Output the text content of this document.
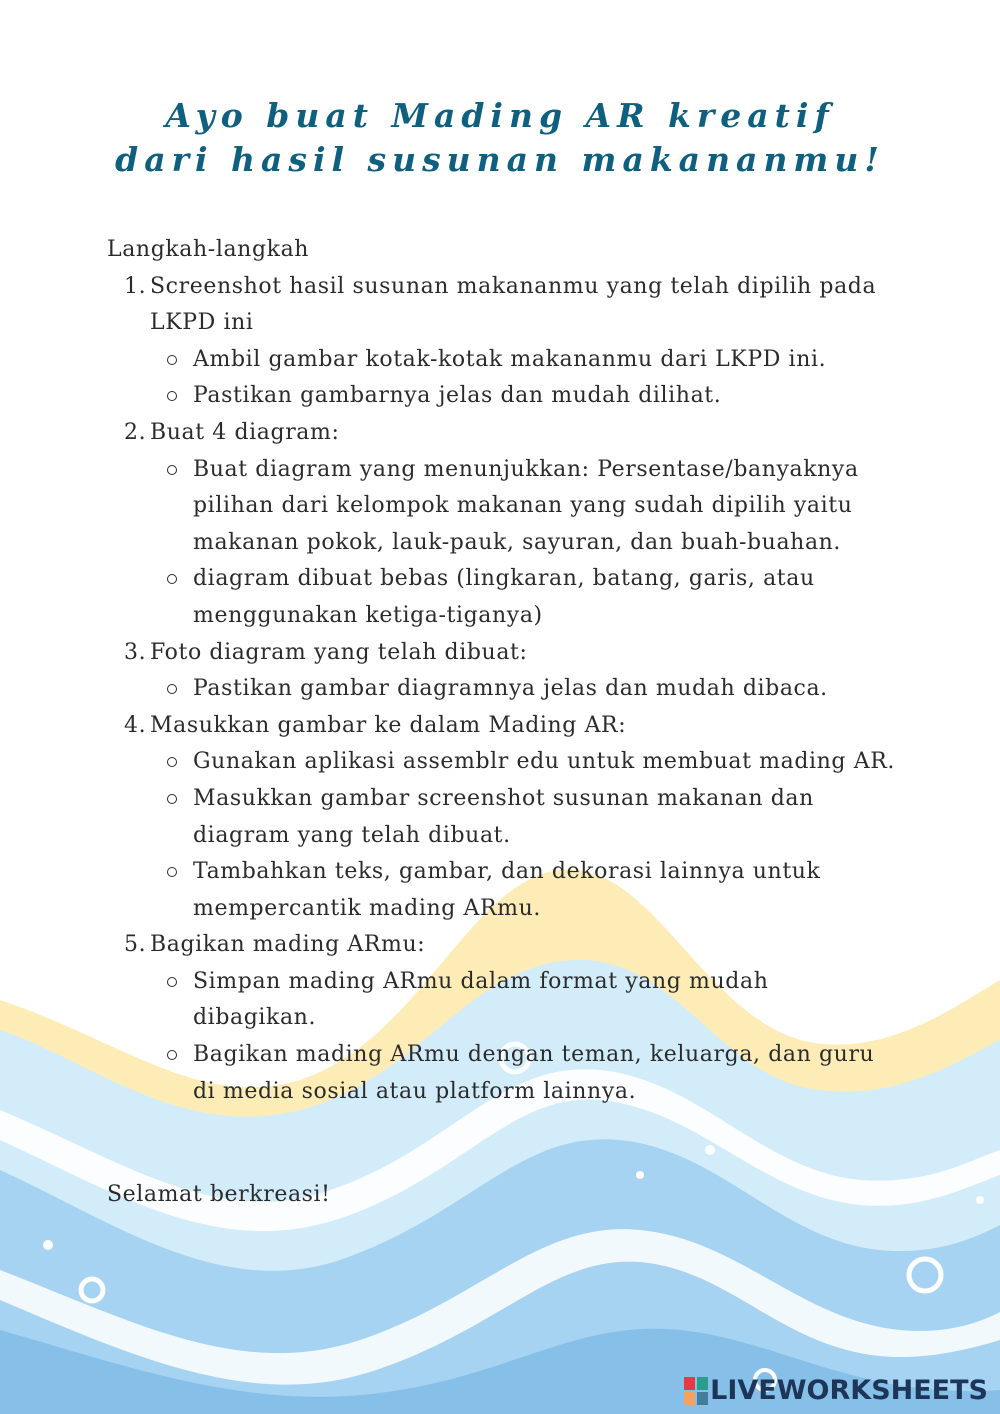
Ayo buat Mading AR kreatif
dari hasil susunan makananmu!
Langkah-langkah
1. Screenshot hasil susunan makananmu yang telah dipilih pada LKPD ini
Ambil gambar kotak-kotak makananmu dari LKPD ini.
Pastikan gambarnya jelas dan mudah dilihat.
2. Buat 4 diagram:
Buat diagram yang menunjukkan: Persentase/banyaknya pilihan dari kelompok makanan yang sudah dipilih yaitu makanan pokok, lauk-pauk, sayuran, dan buah-buahan.
diagram dibuat bebas (lingkaran, batang, garis, atau menggunakan ketiga-tiganya)
3. Foto diagram yang telah dibuat:
Pastikan gambar diagramnya jelas dan mudah dibaca.
4. Masukkan gambar ke dalam Mading AR:
Gunakan aplikasi assemblr edu untuk membuat mading AR.
Masukkan gambar screenshot susunan makanan dan diagram yang telah dibuat.
Tambahkan teks, gambar, dan dekorasi lainnya untuk mempercantik mading ARmu.
5. Bagikan mading ARmu:
Simpan mading ARmu dalam format yang mudah dibagikan.
Bagikan mading ARmu dengan teman, keluarga, dan guru di media sosial atau platform lainnya.
Selamat berkreasi!
LIVEWORKSHEETS
